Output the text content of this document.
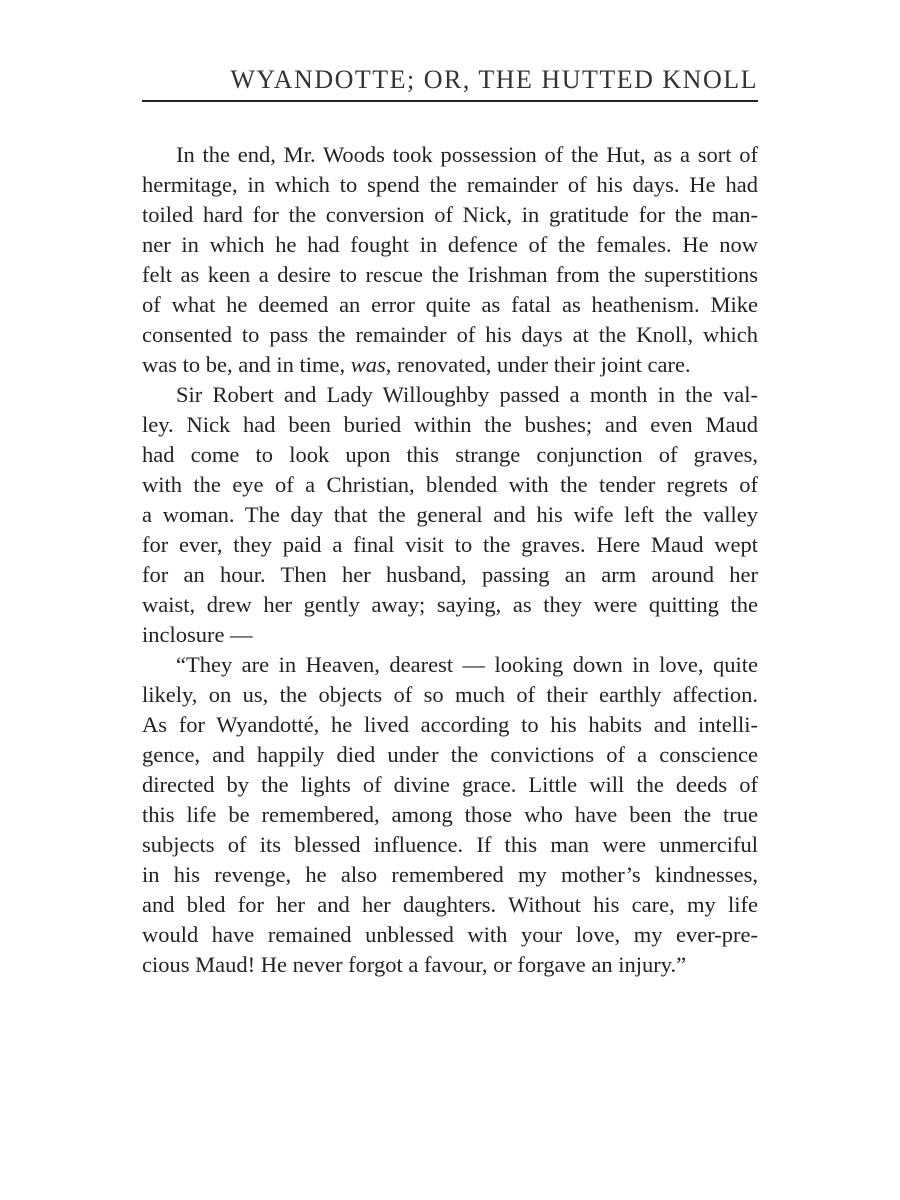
WYANDOTTE; OR, THE HUTTED KNOLL
In the end, Mr. Woods took possession of the Hut, as a sort of
hermitage, in which to spend the remainder of his days. He had
toiled hard for the conversion of Nick, in gratitude for the man-
ner in which he had fought in defence of the females. He now
felt as keen a desire to rescue the Irishman from the superstitions
of what he deemed an error quite as fatal as heathenism. Mike
consented to pass the remainder of his days at the Knoll, which
was to be, and in time, was, renovated, under their joint care.
Sir Robert and Lady Willoughby passed a month in the val-
ley. Nick had been buried within the bushes; and even Maud
had come to look upon this strange conjunction of graves,
with the eye of a Christian, blended with the tender regrets of
a woman. The day that the general and his wife left the valley
for ever, they paid a final visit to the graves. Here Maud wept
for an hour. Then her husband, passing an arm around her
waist, drew her gently away; saying, as they were quitting the
inclosure —
“They are in Heaven, dearest — looking down in love, quite
likely, on us, the objects of so much of their earthly affection.
As for Wyandotté, he lived according to his habits and intelli-
gence, and happily died under the convictions of a conscience
directed by the lights of divine grace. Little will the deeds of
this life be remembered, among those who have been the true
subjects of its blessed influence. If this man were unmerciful
in his revenge, he also remembered my mother’s kindnesses,
and bled for her and her daughters. Without his care, my life
would have remained unblessed with your love, my ever-pre-
cious Maud! He never forgot a favour, or forgave an injury.”
